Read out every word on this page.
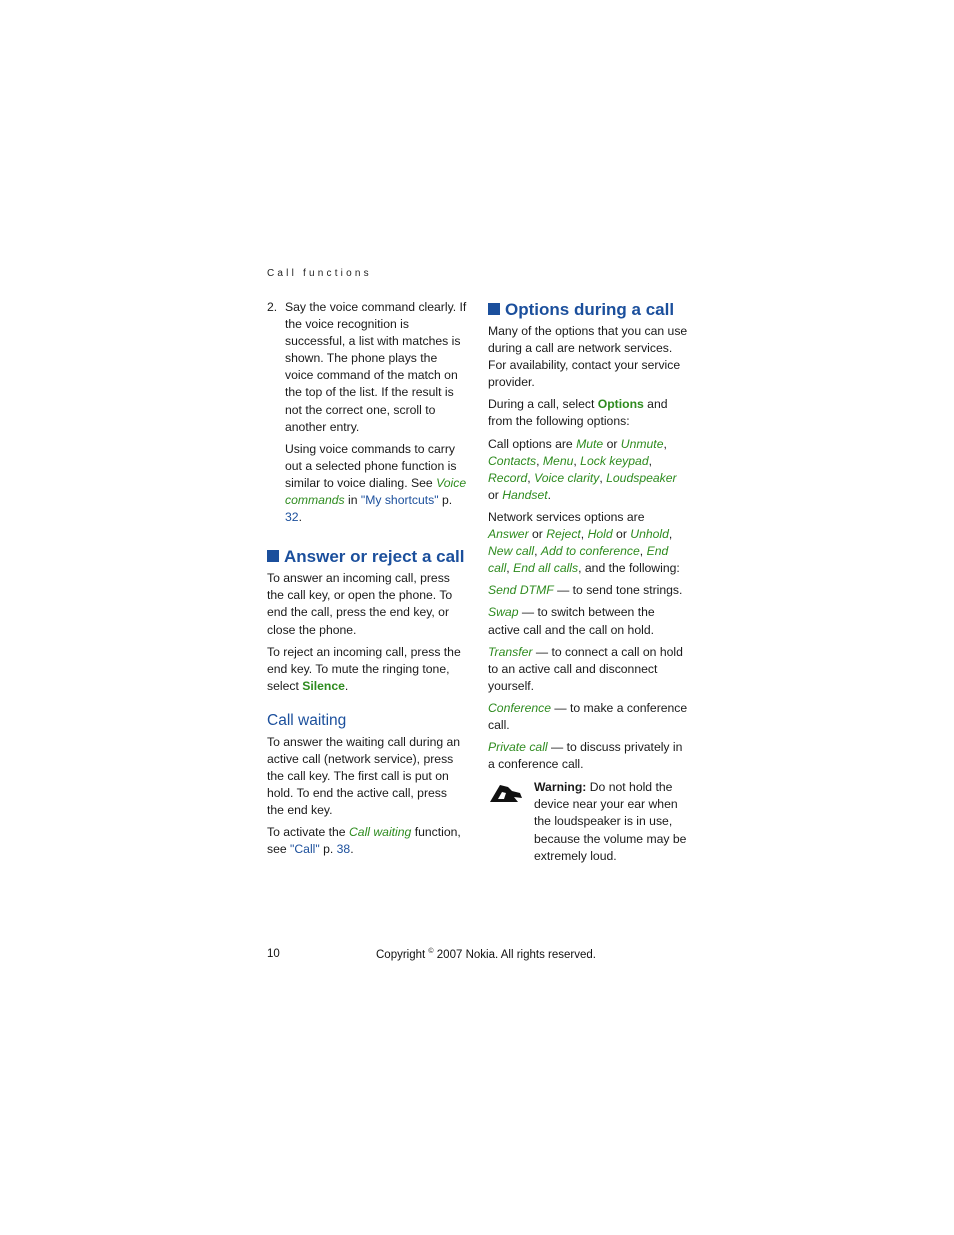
Call functions
2. Say the voice command clearly. If the voice recognition is successful, a list with matches is shown. The phone plays the voice command of the match on the top of the list. If the result is not the correct one, scroll to another entry.

Using voice commands to carry out a selected phone function is similar to voice dialing. See Voice commands in "My shortcuts" p. 32.

Answer or reject a call

To answer an incoming call, press the call key, or open the phone. To end the call, press the end key, or close the phone.

To reject an incoming call, press the end key. To mute the ringing tone, select Silence.

Call waiting

To answer the waiting call during an active call (network service), press the call key. The first call is put on hold. To end the active call, press the end key.

To activate the Call waiting function, see "Call" p. 38.

Options during a call

Many of the options that you can use during a call are network services. For availability, contact your service provider.

During a call, select Options and from the following options:

Call options are Mute or Unmute, Contacts, Menu, Lock keypad, Record, Voice clarity, Loudspeaker or Handset.

Network services options are Answer or Reject, Hold or Unhold, New call, Add to conference, End call, End all calls, and the following:

Send DTMF — to send tone strings.

Swap — to switch between the active call and the call on hold.

Transfer — to connect a call on hold to an active call and disconnect yourself.

Conference — to make a conference call.

Private call — to discuss privately in a conference call.

Warning: Do not hold the device near your ear when the loudspeaker is in use, because the volume may be extremely loud.

10	Copyright © 2007 Nokia. All rights reserved.
